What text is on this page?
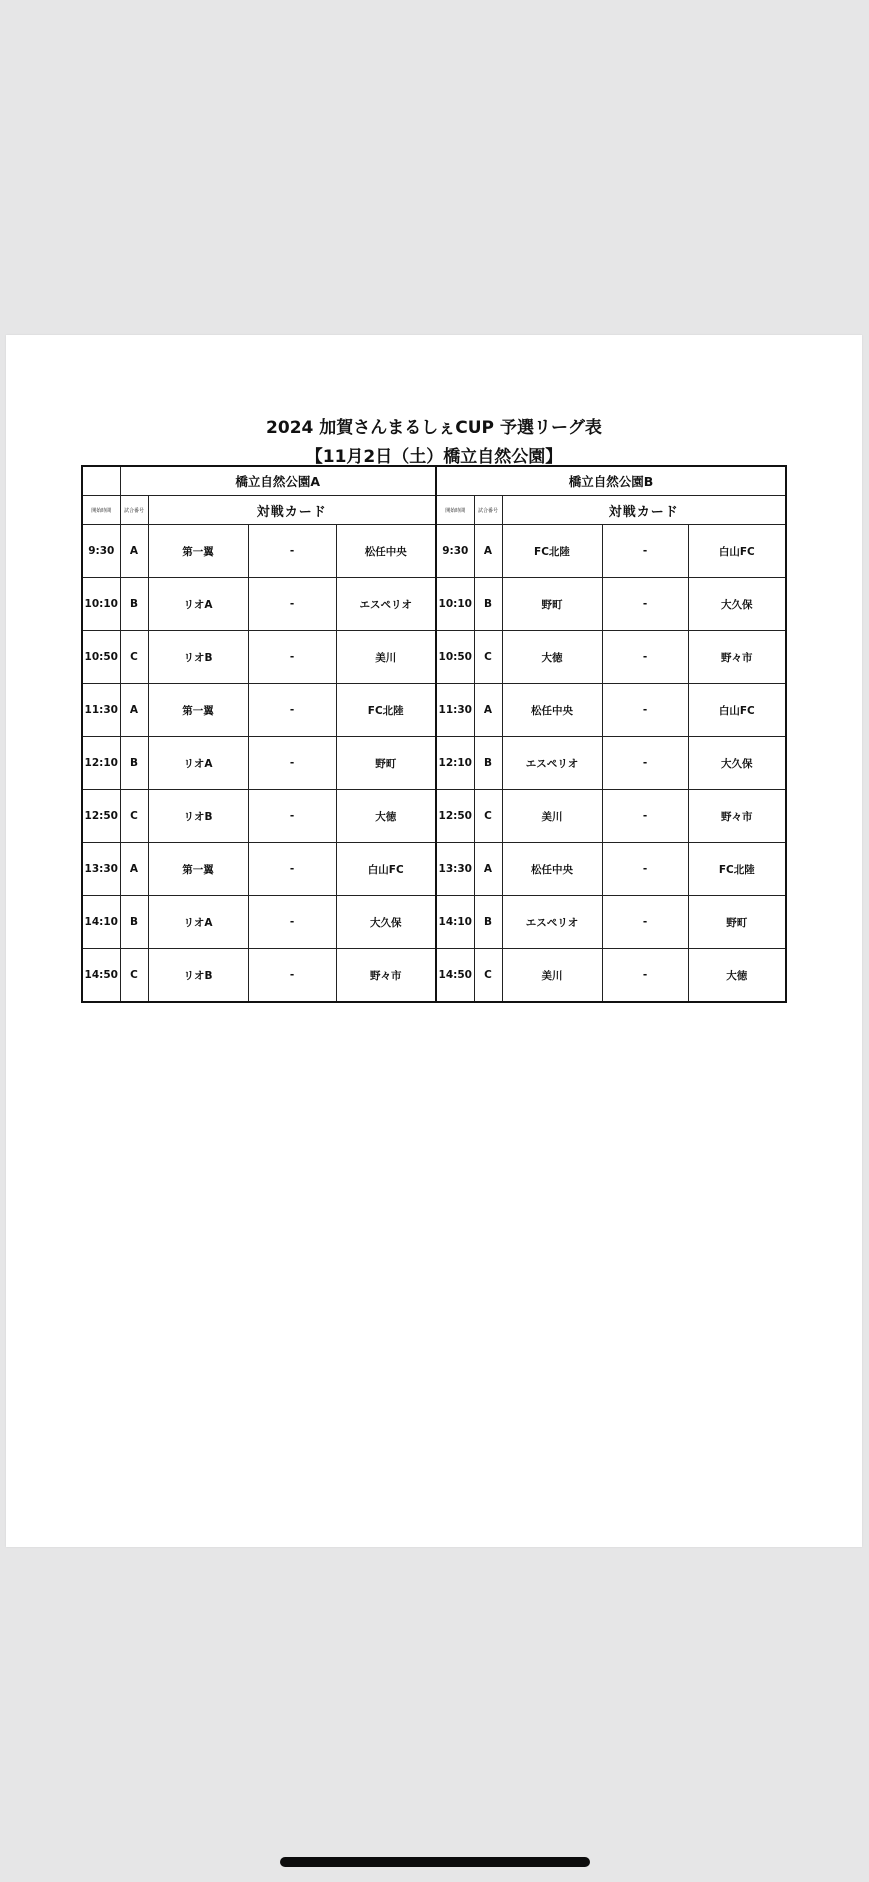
2024 加賀さんまるしぇCUP 予選リーグ表
【11月2日（土）橋立自然公園】
	橋立自然公園A				橋立自然公園B				
開始時間	試合番号	対戦カード			開始時間	試合番号	対戦カード		
9:30	A	第一翼	-	松任中央	9:30	A	FC北陸	-	白山FC
10:10	B	リオA	-	エスペリオ	10:10	B	野町	-	大久保
10:50	C	リオB	-	美川	10:50	C	大徳	-	野々市
11:30	A	第一翼	-	FC北陸	11:30	A	松任中央	-	白山FC
12:10	B	リオA	-	野町	12:10	B	エスペリオ	-	大久保
12:50	C	リオB	-	大徳	12:50	C	美川	-	野々市
13:30	A	第一翼	-	白山FC	13:30	A	松任中央	-	FC北陸
14:10	B	リオA	-	大久保	14:10	B	エスペリオ	-	野町
14:50	C	リオB	-	野々市	14:50	C	美川	-	大徳
